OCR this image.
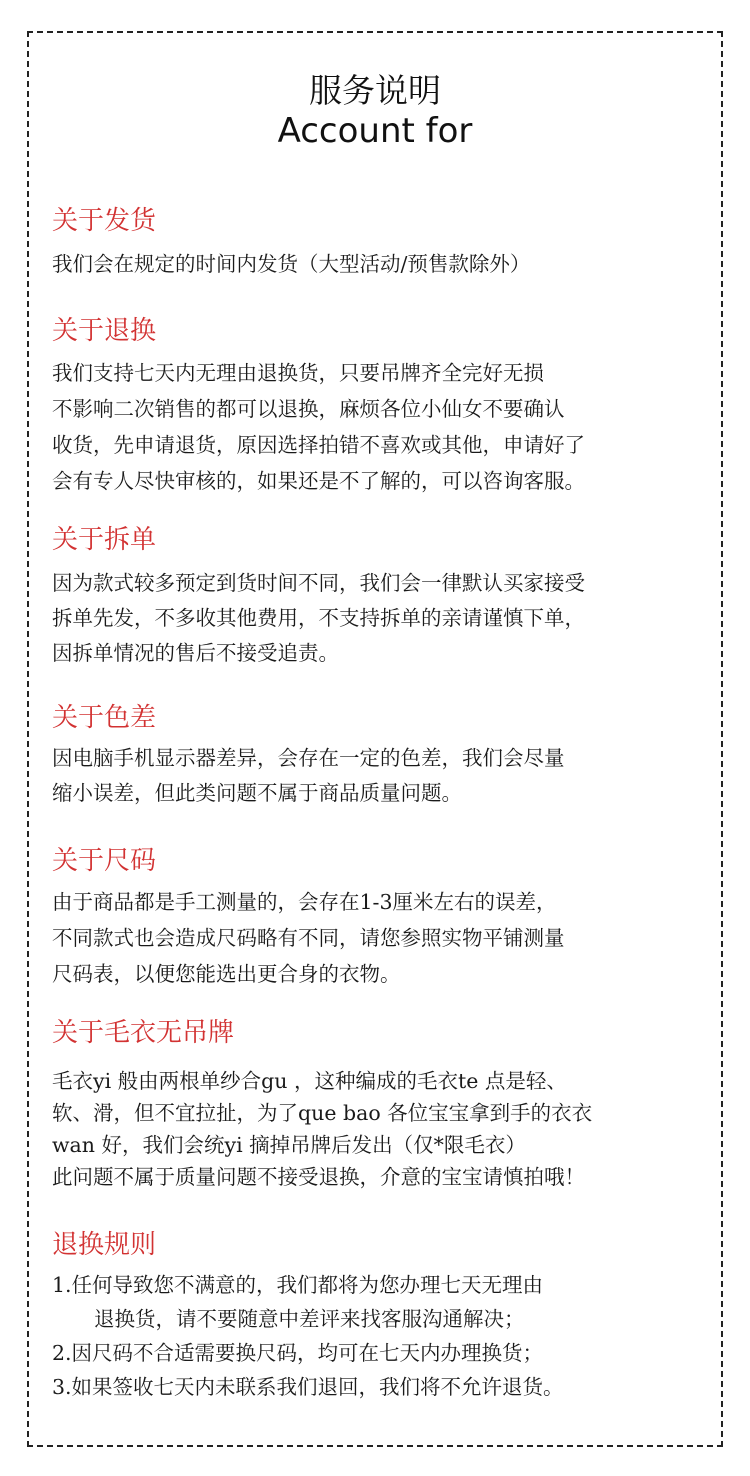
服务说明
Account for
关于发货
我们会在规定的时间内发货（大型活动/预售款除外）
关于退换
我们支持七天内无理由退换货，只要吊牌齐全完好无损
不影响二次销售的都可以退换，麻烦各位小仙女不要确认
收货，先申请退货，原因选择拍错不喜欢或其他，申请好了
会有专人尽快审核的，如果还是不了解的，可以咨询客服。
关于拆单
因为款式较多预定到货时间不同，我们会一律默认买家接受
拆单先发，不多收其他费用，不支持拆单的亲请谨慎下单，
因拆单情况的售后不接受追责。
关于色差
因电脑手机显示器差异，会存在一定的色差，我们会尽量
缩小误差，但此类问题不属于商品质量问题。
关于尺码
由于商品都是手工测量的，会存在1-3厘米左右的误差，
不同款式也会造成尺码略有不同，请您参照实物平铺测量
尺码表，以便您能选出更合身的衣物。
关于毛衣无吊牌
毛衣yi 般由两根单纱合gu ，这种编成的毛衣te 点是轻、
软、滑，但不宜拉扯，为了que bao 各位宝宝拿到手的衣衣
wan 好，我们会统yi 摘掉吊牌后发出（仅*限毛衣）
此问题不属于质量问题不接受退换，介意的宝宝请慎拍哦！
退换规则
1.任何导致您不满意的，我们都将为您办理七天无理由
退换货，请不要随意中差评来找客服沟通解决；
2.因尺码不合适需要换尺码，均可在七天内办理换货；
3.如果签收七天内未联系我们退回，我们将不允许退货。
